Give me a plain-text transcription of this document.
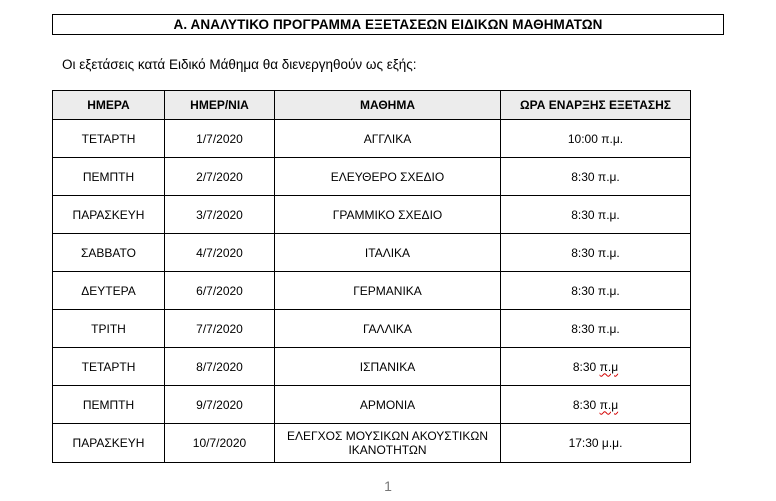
Α. ΑΝΑΛΥΤΙΚΟ ΠΡΟΓΡΑΜΜΑ ΕΞΕΤΑΣΕΩΝ ΕΙΔΙΚΩΝ ΜΑΘΗΜΑΤΩΝ
Οι εξετάσεις κατά Ειδικό Μάθημα θα διενεργηθούν ως εξής:
ΗΜΕΡΑ	ΗΜΕΡ/ΝΙΑ	ΜΑΘΗΜΑ	ΩΡΑ ΕΝΑΡΞΗΣ ΕΞΕΤΑΣΗΣ
ΤΕΤΑΡΤΗ	1/7/2020	ΑΓΓΛΙΚΑ	10:00 π.μ.
ΠΕΜΠΤΗ	2/7/2020	ΕΛΕΥΘΕΡΟ ΣΧΕΔΙΟ	8:30 π.μ.
ΠΑΡΑΣΚΕΥΗ	3/7/2020	ΓΡΑΜΜΙΚΟ ΣΧΕΔΙΟ	8:30 π.μ.
ΣΑΒΒΑΤΟ	4/7/2020	ΙΤΑΛΙΚΑ	8:30 π.μ.
ΔΕΥΤΕΡΑ	6/7/2020	ΓΕΡΜΑΝΙΚΑ	8:30 π.μ.
ΤΡΙΤΗ	7/7/2020	ΓΑΛΛΙΚΑ	8:30 π.μ.
ΤΕΤΑΡΤΗ	8/7/2020	ΙΣΠΑΝΙΚΑ	8:30 π.μ
ΠΕΜΠΤΗ	9/7/2020	ΑΡΜΟΝΙΑ	8:30 π.μ
ΠΑΡΑΣΚΕΥΗ	10/7/2020	ΕΛΕΓΧΟΣ ΜΟΥΣΙΚΩΝ ΑΚΟΥΣΤΙΚΩΝ
ΙΚΑΝΟΤΗΤΩΝ	17:30 μ.μ.
1
